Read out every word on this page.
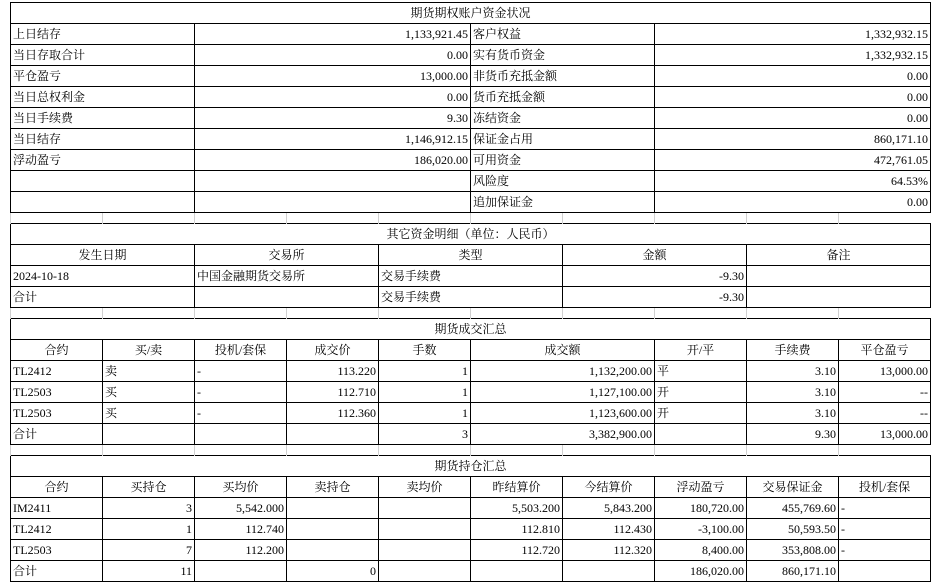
期货期权账户资金状况									
上日结存		1,133,921.45			客户权益		1,332,932.15		
当日存取合计		0.00			实有货币资金		1,332,932.15		
平仓盈亏		13,000.00			非货币充抵金额		0.00		
当日总权利金		0.00			货币充抵金额		0.00		
当日手续费		9.30			冻结资金		0.00		
当日结存		1,146,912.15			保证金占用		860,171.10		
浮动盈亏		186,020.00			可用资金		472,761.05		
					风险度		64.53%		
					追加保证金		0.00		

其它资金明细（单位：人民币）									
发生日期		交易所		类型		金额		备注	
2024-10-18		中国金融期货交易所		交易手续费		-9.30			
合计				交易手续费		-9.30			

期货成交汇总									
合约	买/卖	投机/套保	成交价	手数	成交额		开/平	手续费	平仓盈亏
TL2412	卖	-	113.220	1	1,132,200.00		平	3.10	13,000.00
TL2503	买	-	112.710	1	1,127,100.00		开	3.10	--
TL2503	买	-	112.360	1	1,123,600.00		开	3.10	--
合计				3	3,382,900.00			9.30	13,000.00

期货持仓汇总									
合约	买持仓	买均价	卖持仓	卖均价	昨结算价	今结算价	浮动盈亏	交易保证金	投机/套保
IM2411	3	5,542.000			5,503.200	5,843.200	180,720.00	455,769.60	-
TL2412	1	112.740			112.810	112.430	-3,100.00	50,593.50	-
TL2503	7	112.200			112.720	112.320	8,400.00	353,808.00	-
合计	11		0				186,020.00	860,171.10	
